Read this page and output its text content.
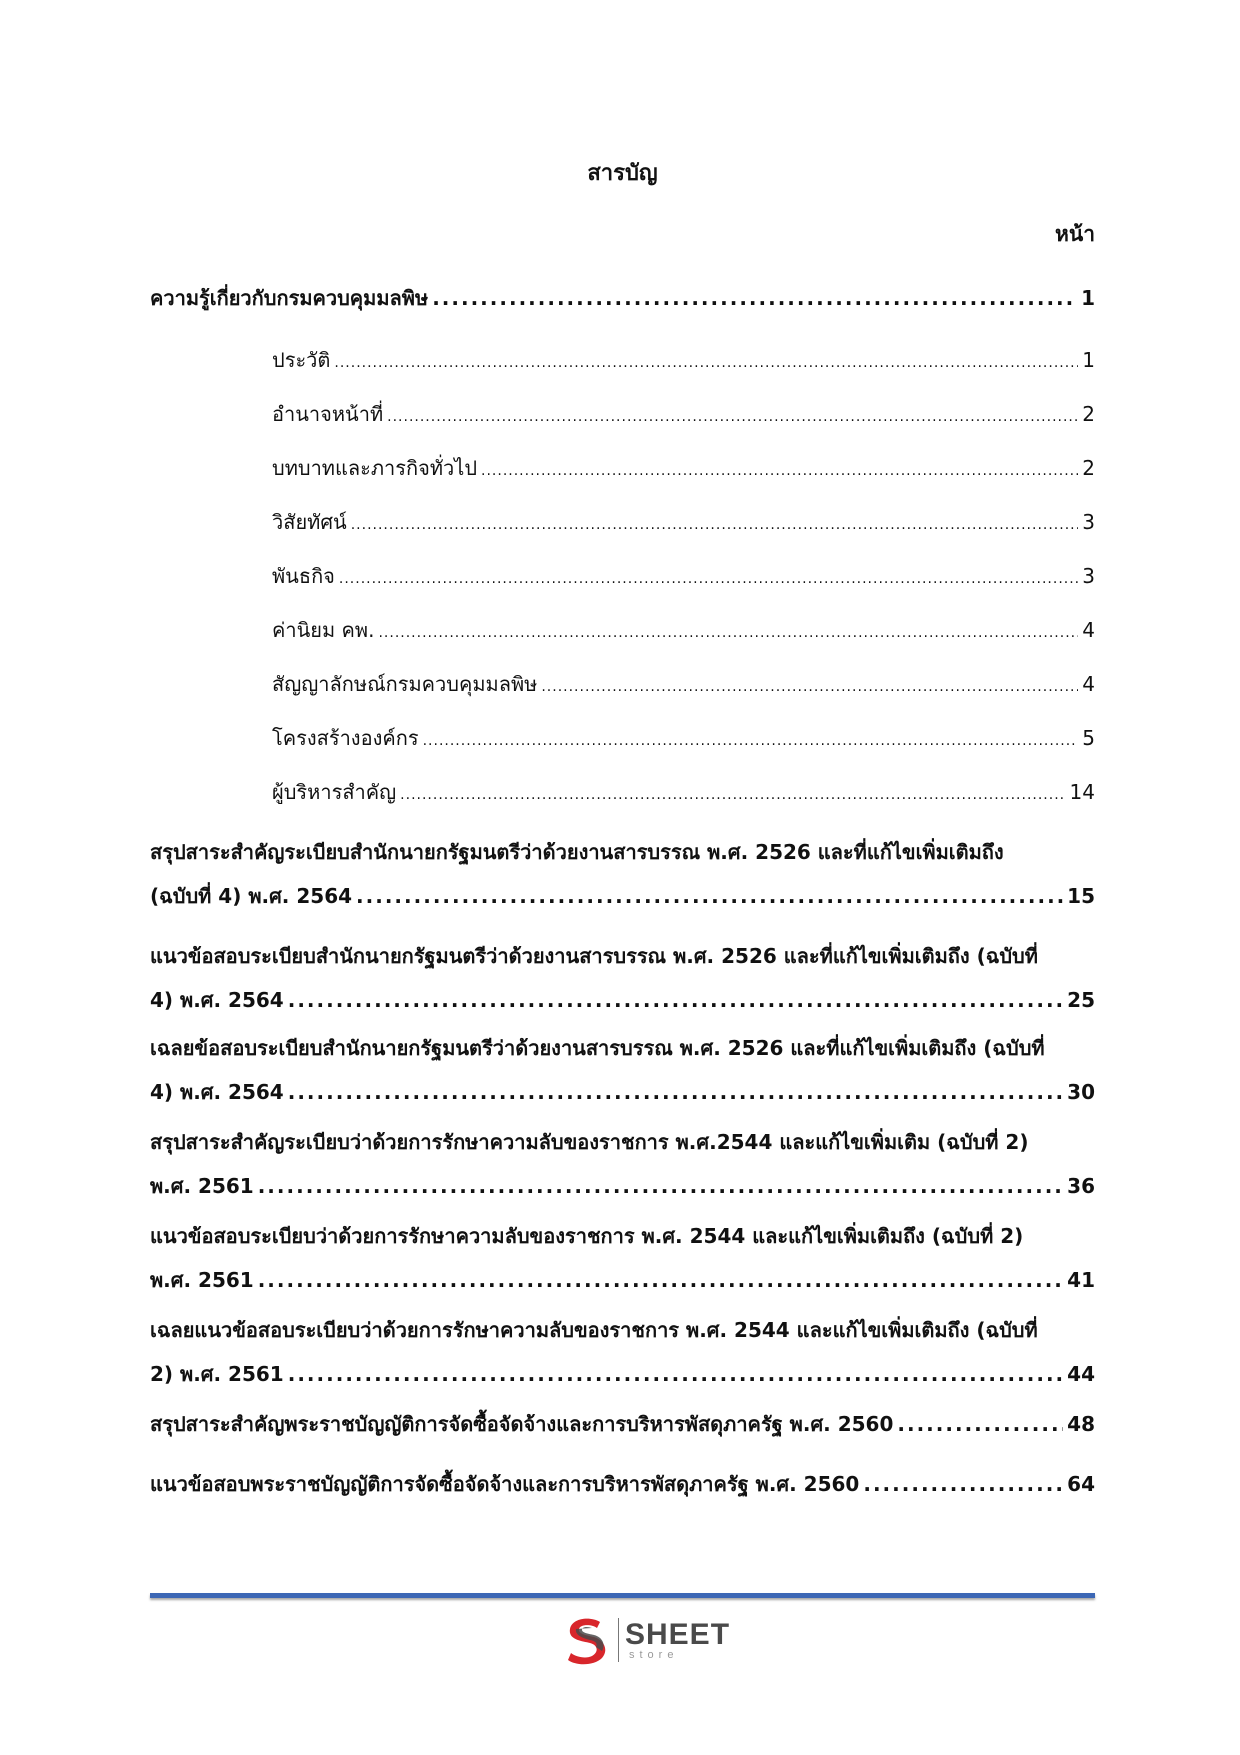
สารบัญ
หน้า
ความรู้เกี่ยวกับกรมควบคุมมลพิษ .....	1
ประวัติ .....	1
อำนาจหน้าที่ .....	2
บทบาทและภารกิจทั่วไป .....	2
วิสัยทัศน์ .....	3
พันธกิจ .....	3
ค่านิยม คพ. .....	4
สัญญาลักษณ์กรมควบคุมมลพิษ .....	4
โครงสร้างองค์กร .....	5
ผู้บริหารสำคัญ .....	14
สรุปสาระสำคัญระเบียบสำนักนายกรัฐมนตรีว่าด้วยงานสารบรรณ พ.ศ. 2526 และที่แก้ไขเพิ่มเติมถึง
(ฉบับที่ 4) พ.ศ. 2564 .....	15
แนวข้อสอบระเบียบสำนักนายกรัฐมนตรีว่าด้วยงานสารบรรณ พ.ศ. 2526 และที่แก้ไขเพิ่มเติมถึง (ฉบับที่
4) พ.ศ. 2564 .....	25
เฉลยข้อสอบระเบียบสำนักนายกรัฐมนตรีว่าด้วยงานสารบรรณ พ.ศ. 2526 และที่แก้ไขเพิ่มเติมถึง (ฉบับที่
4) พ.ศ. 2564 .....	30
สรุปสาระสำคัญระเบียบว่าด้วยการรักษาความลับของราชการ พ.ศ.2544 และแก้ไขเพิ่มเติม (ฉบับที่ 2)
พ.ศ. 2561 .....	36
แนวข้อสอบระเบียบว่าด้วยการรักษาความลับของราชการ พ.ศ. 2544 และแก้ไขเพิ่มเติมถึง (ฉบับที่ 2)
พ.ศ. 2561 .....	41
เฉลยแนวข้อสอบระเบียบว่าด้วยการรักษาความลับของราชการ พ.ศ. 2544 และแก้ไขเพิ่มเติมถึง (ฉบับที่
2) พ.ศ. 2561 .....	44
สรุปสาระสำคัญพระราชบัญญัติการจัดซื้อจัดจ้างและการบริหารพัสดุภาครัฐ พ.ศ. 2560 .....	48
แนวข้อสอบพระราชบัญญัติการจัดซื้อจัดจ้างและการบริหารพัสดุภาครัฐ พ.ศ. 2560 .....	64
SHEET
store
